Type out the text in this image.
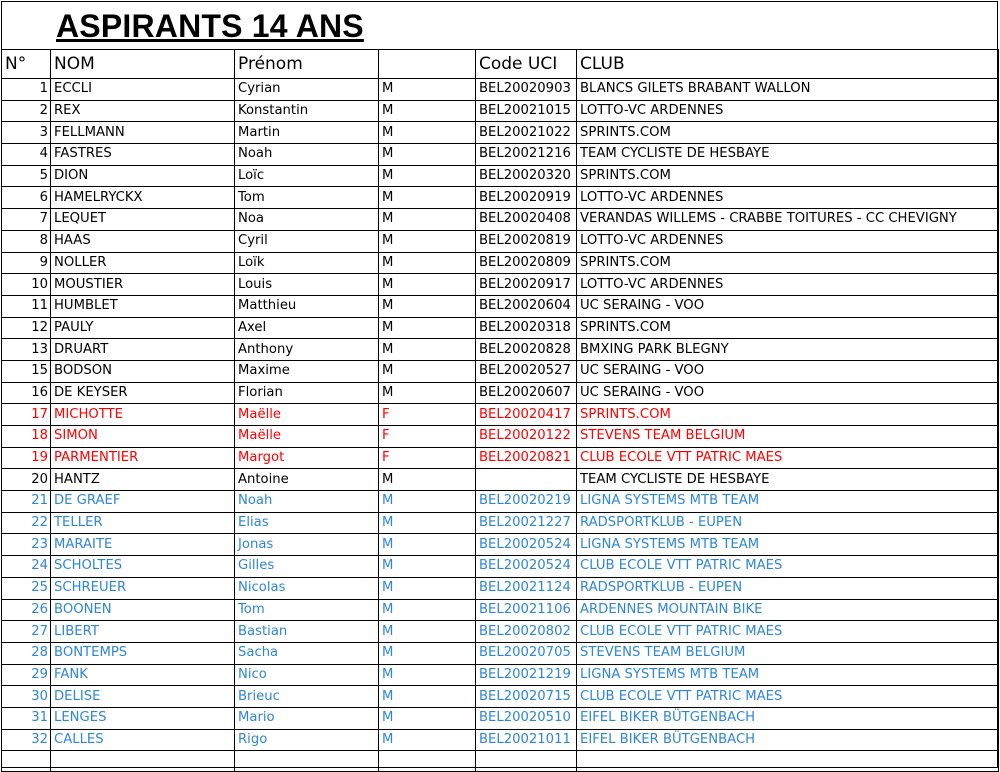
ASPIRANTS 14 ANS
N°	NOM	Prénom		Code UCI	CLUB
1	ECCLI	Cyrian	M	BEL20020903	BLANCS GILETS BRABANT WALLON
2	REX	Konstantin	M	BEL20021015	LOTTO-VC ARDENNES
3	FELLMANN	Martin	M	BEL20021022	SPRINTS.COM
4	FASTRES	Noah	M	BEL20021216	TEAM CYCLISTE DE HESBAYE
5	DION	Loïc	M	BEL20020320	SPRINTS.COM
6	HAMELRYCKX	Tom	M	BEL20020919	LOTTO-VC ARDENNES
7	LEQUET	Noa	M	BEL20020408	VERANDAS WILLEMS - CRABBE TOITURES - CC CHEVIGNY
8	HAAS	Cyril	M	BEL20020819	LOTTO-VC ARDENNES
9	NOLLER	Loïk	M	BEL20020809	SPRINTS.COM
10	MOUSTIER	Louis	M	BEL20020917	LOTTO-VC ARDENNES
11	HUMBLET	Matthieu	M	BEL20020604	UC SERAING - VOO
12	PAULY	Axel	M	BEL20020318	SPRINTS.COM
13	DRUART	Anthony	M	BEL20020828	BMXING PARK BLEGNY
15	BODSON	Maxime	M	BEL20020527	UC SERAING - VOO
16	DE KEYSER	Florian	M	BEL20020607	UC SERAING - VOO
17	MICHOTTE	Maëlle	F	BEL20020417	SPRINTS.COM
18	SIMON	Maëlle	F	BEL20020122	STEVENS TEAM BELGIUM
19	PARMENTIER	Margot	F	BEL20020821	CLUB ECOLE VTT PATRIC MAES
20	HANTZ	Antoine	M		TEAM CYCLISTE DE HESBAYE
21	DE GRAEF	Noah	M	BEL20020219	LIGNA SYSTEMS MTB TEAM
22	TELLER	Elias	M	BEL20021227	RADSPORTKLUB - EUPEN
23	MARAITE	Jonas	M	BEL20020524	LIGNA SYSTEMS MTB TEAM
24	SCHOLTES	Gilles	M	BEL20020524	CLUB ECOLE VTT PATRIC MAES
25	SCHREUER	Nicolas	M	BEL20021124	RADSPORTKLUB - EUPEN
26	BOONEN	Tom	M	BEL20021106	ARDENNES MOUNTAIN BIKE
27	LIBERT	Bastian	M	BEL20020802	CLUB ECOLE VTT PATRIC MAES
28	BONTEMPS	Sacha	M	BEL20020705	STEVENS TEAM BELGIUM
29	FANK	Nico	M	BEL20021219	LIGNA SYSTEMS MTB TEAM
30	DELISE	Brieuc	M	BEL20020715	CLUB ECOLE VTT PATRIC MAES
31	LENGES	Mario	M	BEL20020510	EIFEL BIKER BÜTGENBACH
32	CALLES	Rigo	M	BEL20021011	EIFEL BIKER BÜTGENBACH
